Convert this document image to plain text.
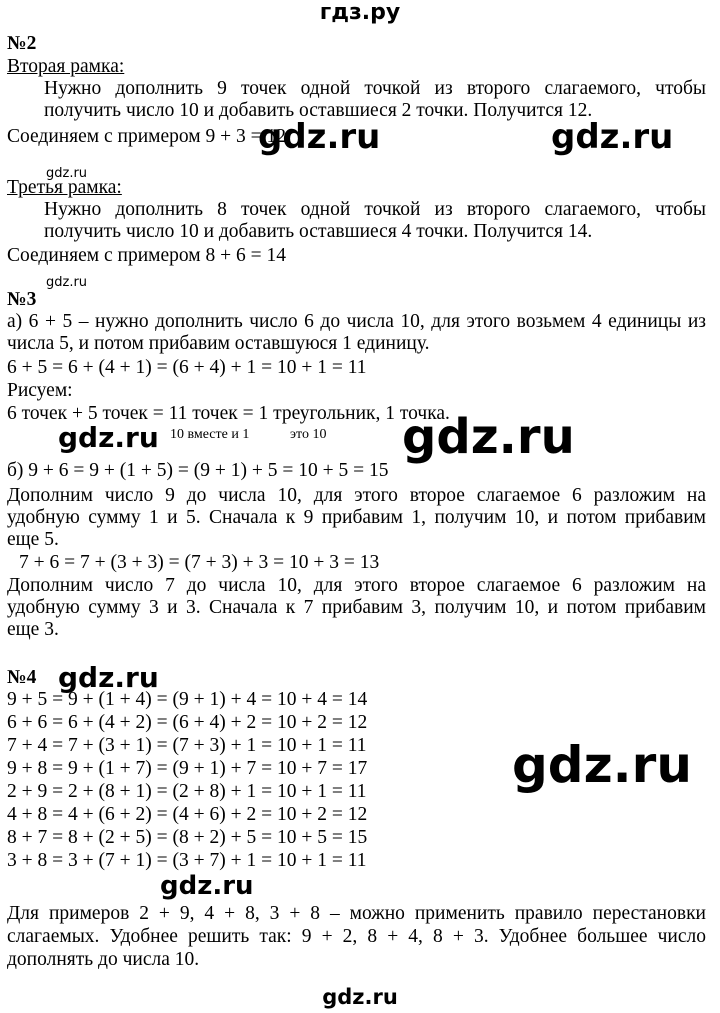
гдз.ру
№2
Вторая рамка:
Нужно дополнить 9 точек одной точкой из второго слагаемого, чтобы
получить число 10 и добавить оставшиеся 2 точки. Получится 12.
Соединяем с примером 9 + 3 = 12
Третья рамка:
Нужно дополнить 8 точек одной точкой из второго слагаемого, чтобы
получить число 10 и добавить оставшиеся 4 точки. Получится 14.
Соединяем с примером 8 + 6 = 14
№3
а) 6 + 5 – нужно дополнить число 6 до числа 10, для этого возьмем 4 единицы из
числа 5, и потом прибавим оставшуюся 1 единицу.
6 + 5 = 6 + (4 + 1) = (6 + 4) + 1 = 10 + 1 = 11
Рисуем:
6 точек + 5 точек = 11 точек = 1 треугольник, 1 точка.
10 вместе и 1	это 10
б) 9 + 6 = 9 + (1 + 5) = (9 + 1) + 5 = 10 + 5 = 15
Дополним число 9 до числа 10, для этого второе слагаемое 6 разложим на
удобную сумму 1 и 5. Сначала к 9 прибавим 1, получим 10, и потом прибавим
еще 5.
7 + 6 = 7 + (3 + 3) = (7 + 3) + 3 = 10 + 3 = 13
Дополним число 7 до числа 10, для этого второе слагаемое 6 разложим на
удобную сумму 3 и 3. Сначала к 7 прибавим 3, получим 10, и потом прибавим
еще 3.
№4
9 + 5 = 9 + (1 + 4) = (9 + 1) + 4 = 10 + 4 = 14
6 + 6 = 6 + (4 + 2) = (6 + 4) + 2 = 10 + 2 = 12
7 + 4 = 7 + (3 + 1) = (7 + 3) + 1 = 10 + 1 = 11
9 + 8 = 9 + (1 + 7) = (9 + 1) + 7 = 10 + 7 = 17
2 + 9 = 2 + (8 + 1) = (2 + 8) + 1 = 10 + 1 = 11
4 + 8 = 4 + (6 + 2) = (4 + 6) + 2 = 10 + 2 = 12
8 + 7 = 8 + (2 + 5) = (8 + 2) + 5 = 10 + 5 = 15
3 + 8 = 3 + (7 + 1) = (3 + 7) + 1 = 10 + 1 = 11
Для примеров 2 + 9, 4 + 8, 3 + 8 – можно применить правило перестановки
слагаемых. Удобнее решить так: 9 + 2, 8 + 4, 8 + 3. Удобнее большее число
дополнять до числа 10.
gdz.ru	gdz.ru
gdz.ru
gdz.ru
gdz.ru
gdz.ru
gdz.ru
gdz.ru
gdz.ru
gdz.ru
